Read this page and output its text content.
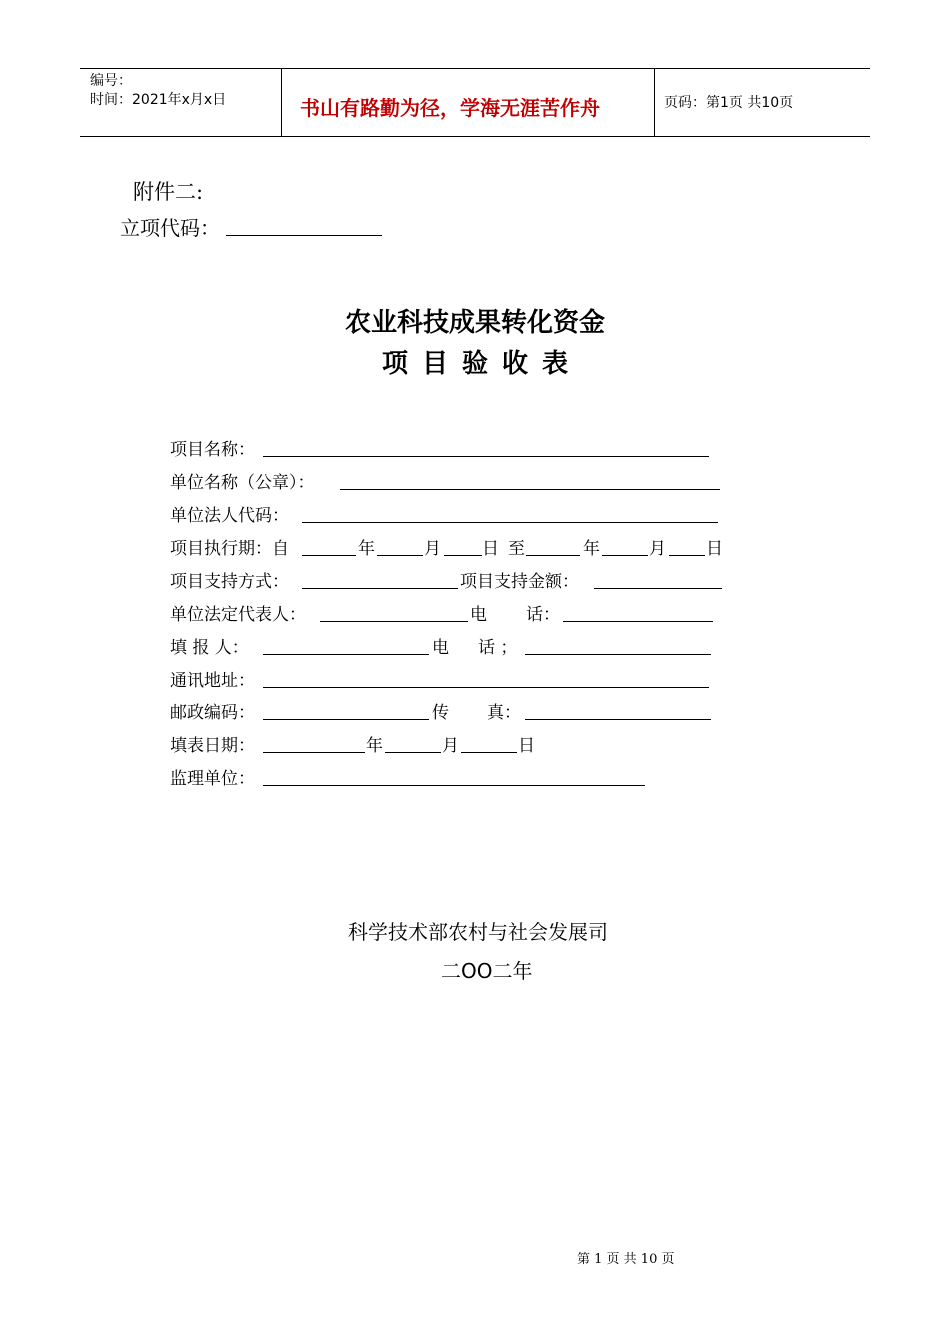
编号：
时间：2021年x月x日	书山有路勤为径，学海无涯苦作舟	页码：第1页 共10页
附件二:
立项代码：
农业科技成果转化资金
项目验收表
项目名称：
单位名称（公章）：
单位法人代码：
项目执行期：自	年	月 日 至	年	月 日
项目支持方式：	项目支持金额：
单位法定代表人：	电 话：
填 报 人：	电 话 ；
通讯地址：
邮政编码：	传 真：
填表日期：	年	月	日
监理单位：
科学技术部农村与社会发展司
二OO二年
第 1 页 共 10 页
